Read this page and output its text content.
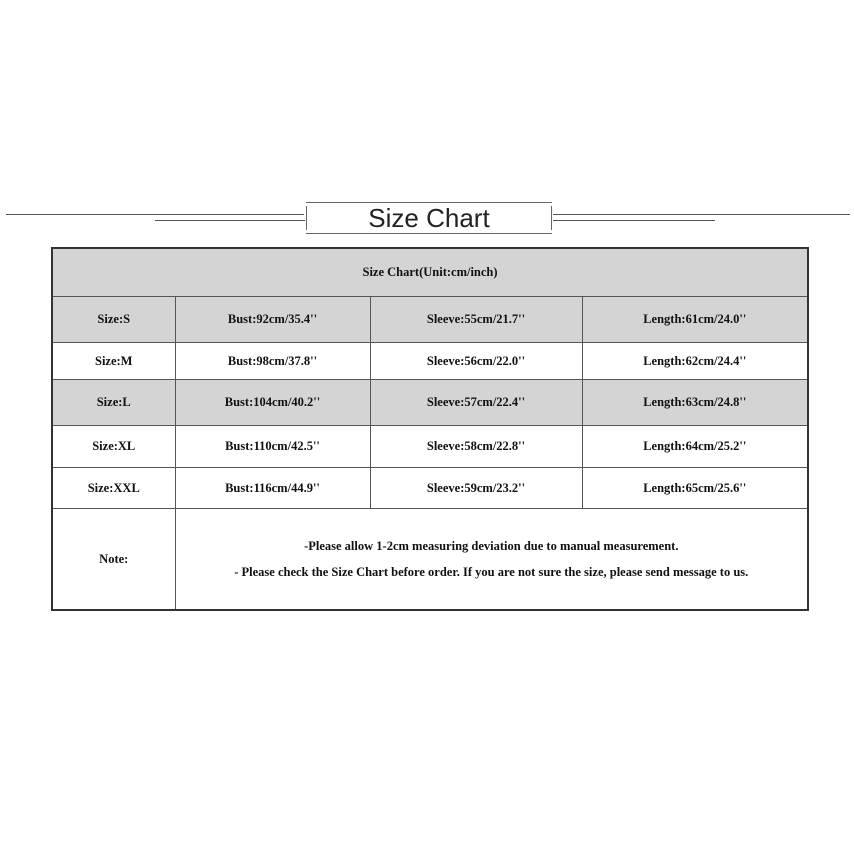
Size Chart
Size Chart(Unit:cm/inch)			
Size:S	Bust:92cm/35.4''	Sleeve:55cm/21.7''	Length:61cm/24.0''
Size:M	Bust:98cm/37.8''	Sleeve:56cm/22.0''	Length:62cm/24.4''
Size:L	Bust:104cm/40.2''	Sleeve:57cm/22.4''	Length:63cm/24.8''
Size:XL	Bust:110cm/42.5''	Sleeve:58cm/22.8''	Length:64cm/25.2''
Size:XXL	Bust:116cm/44.9''	Sleeve:59cm/23.2''	Length:65cm/25.6''
Note:	-Please allow 1-2cm measuring deviation due to manual measurement.
- Please check the Size Chart before order. If you are not sure the size, please send message to us.		
